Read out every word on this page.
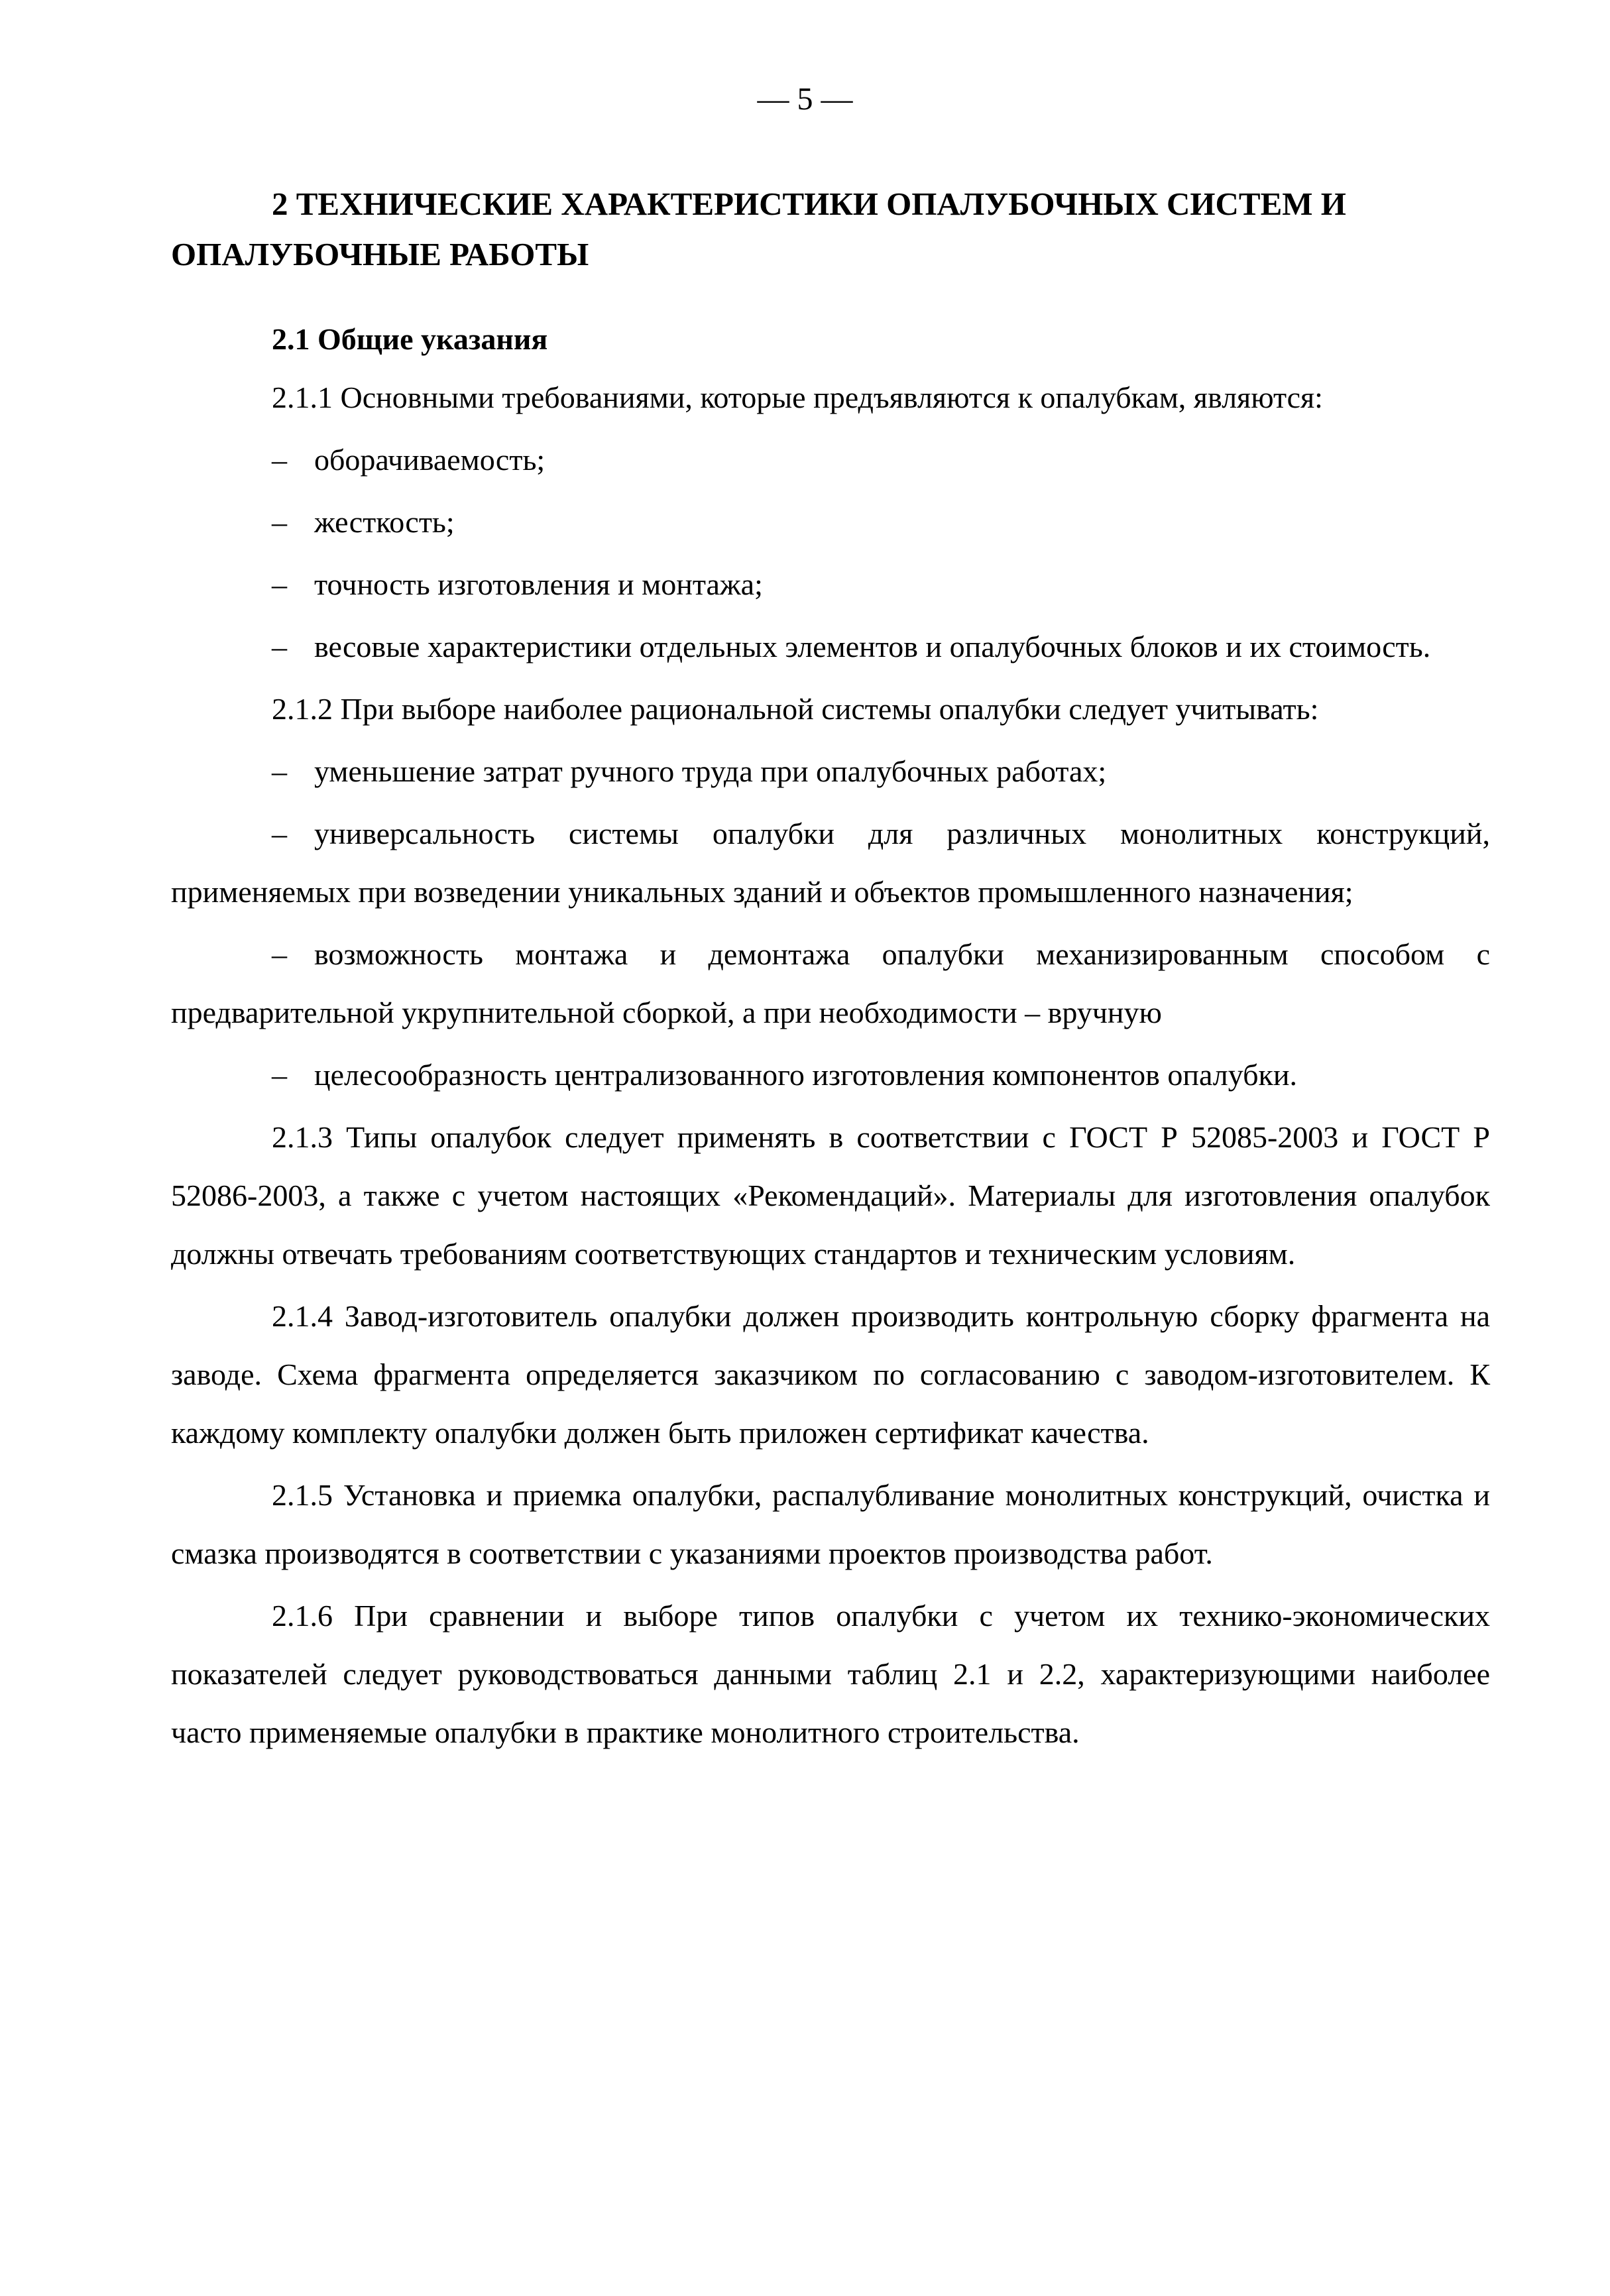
— 5 —
2 ТЕХНИЧЕСКИЕ ХАРАКТЕРИСТИКИ ОПАЛУБОЧНЫХ СИСТЕМ И ОПАЛУБОЧНЫЕ РАБОТЫ
2.1 Общие указания

2.1.1 Основными требованиями, которые предъявляются к опалубкам, являются:

– оборачиваемость;
– жесткость;
– точность изготовления и монтажа;
– весовые характеристики отдельных элементов и опалубочных блоков и их стоимость.

2.1.2 При выборе наиболее рациональной системы опалубки следует учитывать:

– уменьшение затрат ручного труда при опалубочных работах;
– универсальность системы опалубки для различных монолитных конструкций, применяемых при возведении уникальных зданий и объектов промышленного назначения;
– возможность монтажа и демонтажа опалубки механизированным способом с предварительной укрупнительной сборкой, а при необходимости – вручную
– целесообразность централизованного изготовления компонентов опалубки.

2.1.3 Типы опалубок следует применять в соответствии с ГОСТ Р 52085-2003 и ГОСТ Р 52086-2003, а также с учетом настоящих «Рекомендаций». Материалы для изготовления опалубок должны отвечать требованиям соответствующих стандартов и техническим условиям.

2.1.4 Завод-изготовитель опалубки должен производить контрольную сборку фрагмента на заводе. Схема фрагмента определяется заказчиком по согласованию с заводом-изготовителем. К каждому комплекту опалубки должен быть приложен сертификат качества.

2.1.5 Установка и приемка опалубки, распалубливание монолитных конструкций, очистка и смазка производятся в соответствии с указаниями проектов производства работ.

2.1.6 При сравнении и выборе типов опалубки с учетом их технико-экономических показателей следует руководствоваться данными таблиц 2.1 и 2.2, характеризующими наиболее часто применяемые опалубки в практике монолитного строительства.
